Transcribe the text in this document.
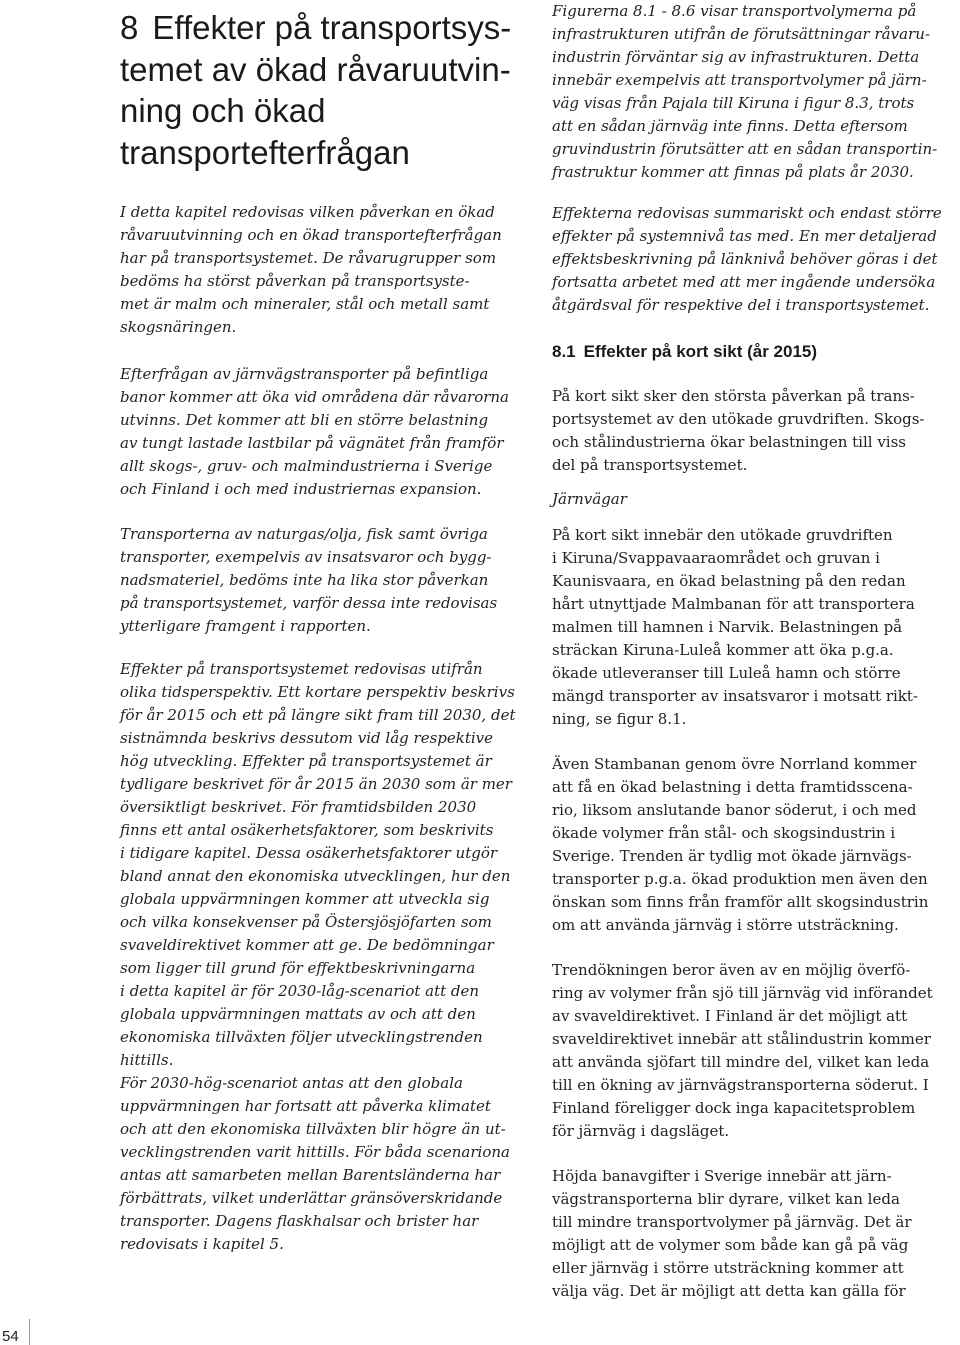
8 Effekter på transportsys-
temet av ökad råvaruutvin-
ning och ökad
transportefterfrågan

I detta kapitel redovisas vilken påverkan en ökad
råvaruutvinning och en ökad transportefterfrågan
har på transportsystemet. De råvarugrupper som
bedöms ha störst påverkan på transportsyste-
met är malm och mineraler, stål och metall samt
skogsnäringen.

Efterfrågan av järnvägstransporter på befintliga
banor kommer att öka vid områdena där råvarorna
utvinns. Det kommer att bli en större belastning
av tungt lastade lastbilar på vägnätet från framför
allt skogs-, gruv- och malmindustrierna i Sverige
och Finland i och med industriernas expansion.

Transporterna av naturgas/olja, fisk samt övriga
transporter, exempelvis av insatsvaror och bygg-
nadsmateriel, bedöms inte ha lika stor påverkan
på transportsystemet, varför dessa inte redovisas
ytterligare framgent i rapporten.

Effekter på transportsystemet redovisas utifrån
olika tidsperspektiv. Ett kortare perspektiv beskrivs
för år 2015 och ett på längre sikt fram till 2030, det
sistnämnda beskrivs dessutom vid låg respektive
hög utveckling. Effekter på transportsystemet är
tydligare beskrivet för år 2015 än 2030 som är mer
översiktligt beskrivet. För framtidsbilden 2030
finns ett antal osäkerhetsfaktorer, som beskrivits
i tidigare kapitel. Dessa osäkerhetsfaktorer utgör
bland annat den ekonomiska utvecklingen, hur den
globala uppvärmningen kommer att utveckla sig
och vilka konsekvenser på Östersjösjöfarten som
svaveldirektivet kommer att ge. De bedömningar
som ligger till grund för effektbeskrivningarna
i detta kapitel är för 2030-låg-scenariot att den
globala uppvärmningen mattats av och att den
ekonomiska tillväxten följer utvecklingstrenden
hittills.
För 2030-hög-scenariot antas att den globala
uppvärmningen har fortsatt att påverka klimatet
och att den ekonomiska tillväxten blir högre än ut-
vecklingstrenden varit hittills. För båda scenariona
antas att samarbeten mellan Barentsländerna har
förbättrats, vilket underlättar gränsöverskridande
transporter. Dagens flaskhalsar och brister har
redovisats i kapitel 5.

Figurerna 8.1 - 8.6 visar transportvolymerna på
infrastrukturen utifrån de förutsättningar råvaru-
industrin förväntar sig av infrastrukturen. Detta
innebär exempelvis att transportvolymer på järn-
väg visas från Pajala till Kiruna i figur 8.3, trots
att en sådan järnväg inte finns. Detta eftersom
gruvindustrin förutsätter att en sådan transportin-
frastruktur kommer att finnas på plats år 2030.

Effekterna redovisas summariskt och endast större
effekter på systemnivå tas med. En mer detaljerad
effektsbeskrivning på länknivå behöver göras i det
fortsatta arbetet med att mer ingående undersöka
åtgärdsval för respektive del i transportsystemet.

8.1 Effekter på kort sikt (år 2015)

På kort sikt sker den största påverkan på trans-
portsystemet av den utökade gruvdriften. Skogs-
och stålindustrierna ökar belastningen till viss
del på transportsystemet.

Järnvägar

På kort sikt innebär den utökade gruvdriften
i Kiruna/Svappavaaraområdet och gruvan i
Kaunisvaara, en ökad belastning på den redan
hårt utnyttjade Malmbanan för att transportera
malmen till hamnen i Narvik. Belastningen på
sträckan Kiruna-Luleå kommer att öka p.g.a.
ökade utleveranser till Luleå hamn och större
mängd transporter av insatsvaror i motsatt rikt-
ning, se figur 8.1.

Även Stambanan genom övre Norrland kommer
att få en ökad belastning i detta framtidsscena-
rio, liksom anslutande banor söderut, i och med
ökade volymer från stål- och skogsindustrin i
Sverige. Trenden är tydlig mot ökade järnvägs-
transporter p.g.a. ökad produktion men även den
önskan som finns från framför allt skogsindustrin
om att använda järnväg i större utsträckning.

Trendökningen beror även av en möjlig överfö-
ring av volymer från sjö till järnväg vid införandet
av svaveldirektivet. I Finland är det möjligt att
svaveldirektivet innebär att stålindustrin kommer
att använda sjöfart till mindre del, vilket kan leda
till en ökning av järnvägstransporterna söderut. I
Finland föreligger dock inga kapacitetsproblem
för järnväg i dagsläget.

Höjda banavgifter i Sverige innebär att järn-
vägstransporterna blir dyrare, vilket kan leda
till mindre transportvolymer på järnväg. Det är
möjligt att de volymer som både kan gå på väg
eller järnväg i större utsträckning kommer att
välja väg. Det är möjligt att detta kan gälla för

54
